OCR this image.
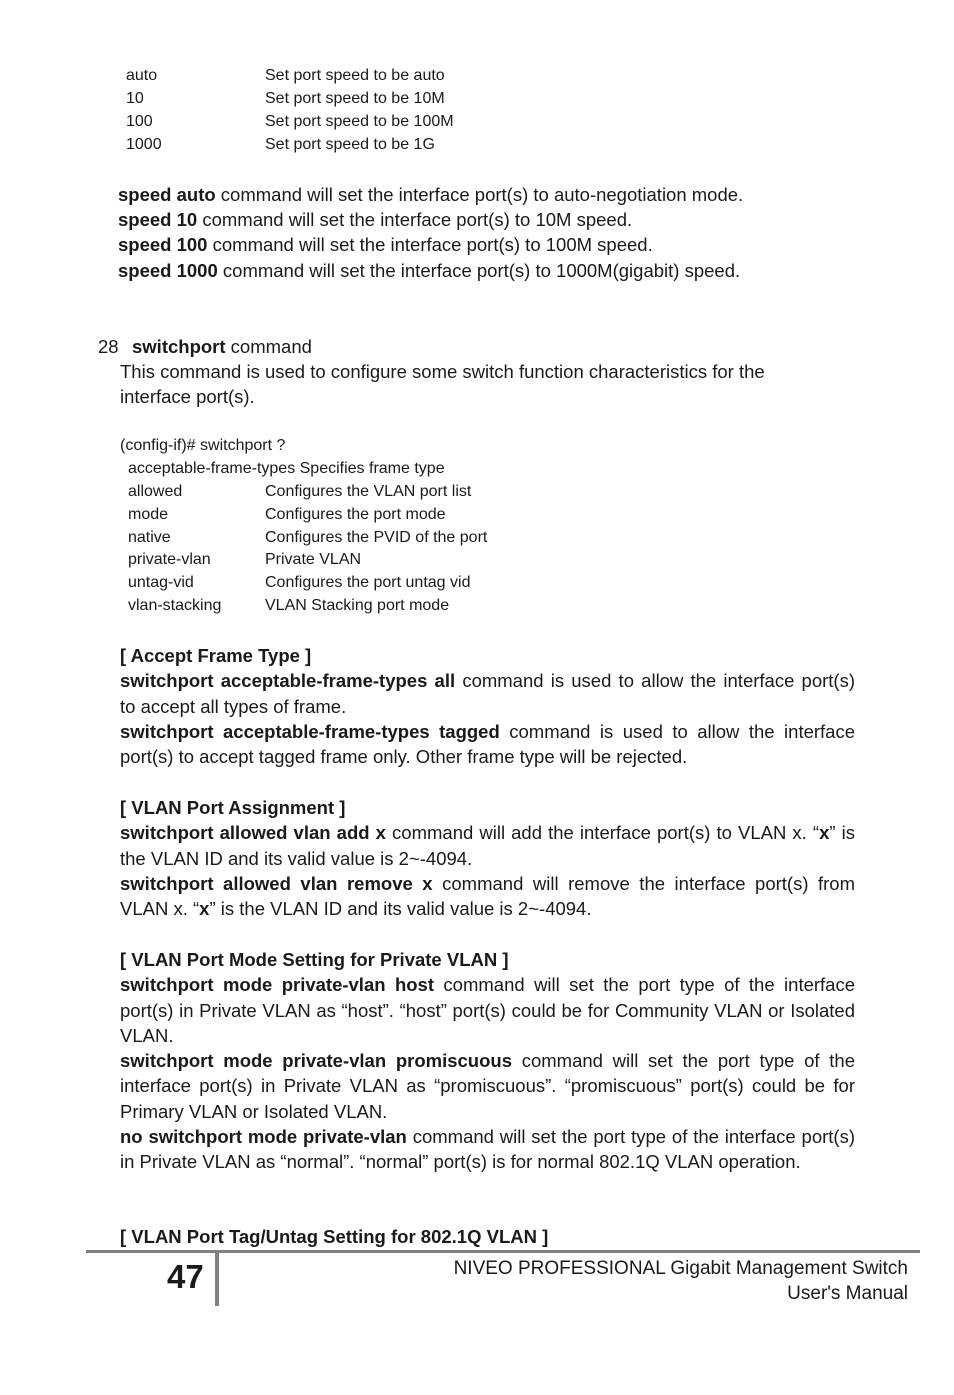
auto	Set port speed to be auto
10	Set port speed to be 10M
100	Set port speed to be 100M
1000	Set port speed to be 1G
speed auto command will set the interface port(s) to auto-negotiation mode.
speed 10 command will set the interface port(s) to 10M speed.
speed 100 command will set the interface port(s) to 100M speed.
speed 1000 command will set the interface port(s) to 1000M(gigabit) speed.
28 switchport command
This command is used to configure some switch function characteristics for the
interface port(s).
(config-if)# switchport ?
acceptable-frame-types Specifies frame type
allowed	Configures the VLAN port list
mode	Configures the port mode
native	Configures the PVID of the port
private-vlan	Private VLAN
untag-vid	Configures the port untag vid
vlan-stacking	VLAN Stacking port mode
[ Accept Frame Type ]
switchport acceptable-frame-types all command is used to allow the interface port(s) to accept all types of frame.
switchport acceptable-frame-types tagged command is used to allow the interface port(s) to accept tagged frame only. Other frame type will be rejected.
[ VLAN Port Assignment ]
switchport allowed vlan add x command will add the interface port(s) to VLAN x. “x” is the VLAN ID and its valid value is 2~-4094.
switchport allowed vlan remove x command will remove the interface port(s) from VLAN x. “x” is the VLAN ID and its valid value is 2~-4094.
[ VLAN Port Mode Setting for Private VLAN ]
switchport mode private-vlan host command will set the port type of the interface port(s) in Private VLAN as “host”. “host” port(s) could be for Community VLAN or Isolated VLAN.
switchport mode private-vlan promiscuous command will set the port type of the interface port(s) in Private VLAN as “promiscuous”. “promiscuous” port(s) could be for Primary VLAN or Isolated VLAN.
no switchport mode private-vlan command will set the port type of the interface port(s) in Private VLAN as “normal”. “normal” port(s) is for normal 802.1Q VLAN operation.
[ VLAN Port Tag/Untag Setting for 802.1Q VLAN ]
47	NIVEO PROFESSIONAL Gigabit Management Switch
User's Manual
